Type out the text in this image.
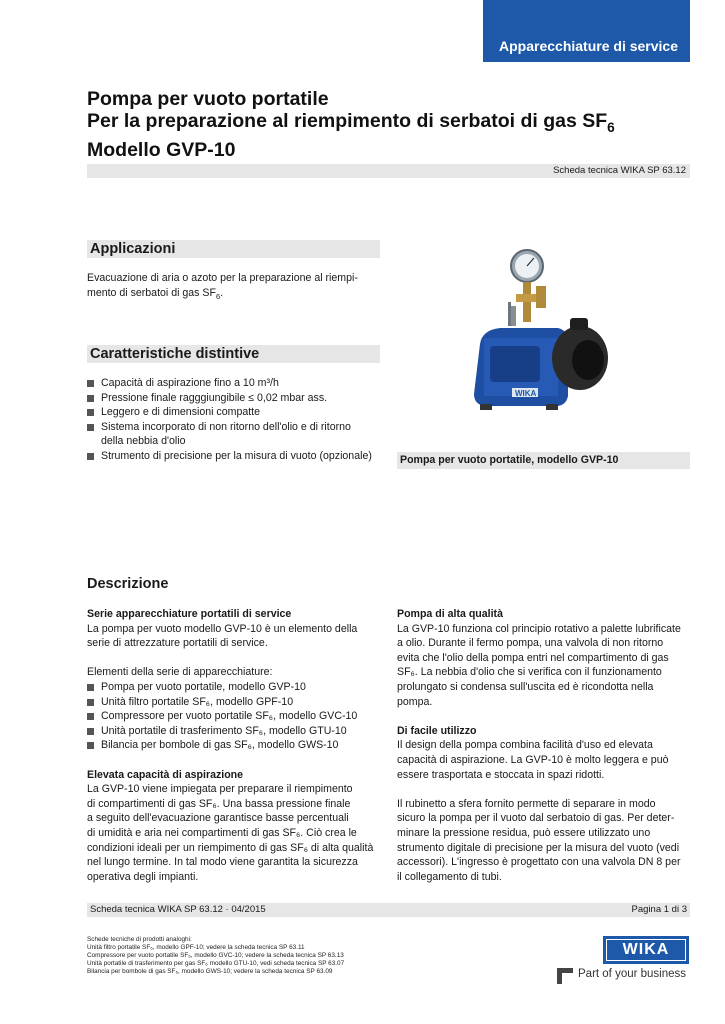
Apparecchiature di service
Pompa per vuoto portatile
Per la preparazione al riempimento di serbatoi di gas $SF_6$
Modello GVP-10
Scheda tecnica WIKA SP 63.12
Applicazioni
Evacuazione di aria o azoto per la preparazione al riempi-
mento di serbatoi di gas $SF_6$.
Caratteristiche distintive
Capacità di aspirazione fino a 10 m³/h
Pressione finale ragggiungibile ≤ 0,02 mbar ass.
Leggero e di dimensioni compatte
Sistema incorporato di non ritorno dell'olio e di ritorno
della nebbia d'olio
Strumento di precisione per la misura di vuoto (opzionale)
WIKA
Pompa per vuoto portatile, modello GVP-10
Descrizione
Serie apparecchiature portatili di service
La pompa per vuoto modello GVP-10 è un elemento della
serie di attrezzature portatili di service.
Elementi della serie di apparecchiature:
Pompa per vuoto portatile, modello GVP-10
Unità filtro portatile SF₆, modello GPF-10
Compressore per vuoto portatile SF₆, modello GVC-10
Unità portatile di trasferimento SF₆, modello GTU-10
Bilancia per bombole di gas SF₆, modello GWS-10
Elevata capacità di aspirazione
La GVP-10 viene impiegata per preparare il riempimento
di compartimenti di gas SF₆. Una bassa pressione finale
a seguito dell'evacuazione garantisce basse percentuali
di umidità e aria nei compartimenti di gas SF₆. Ciò crea le
condizioni ideali per un riempimento di gas SF₆ di alta qualità
nel lungo termine. In tal modo viene garantita la sicurezza
operativa degli impianti.
Pompa di alta qualità
La GVP-10 funziona col principio rotativo a palette lubrificate
a olio. Durante il fermo pompa, una valvola di non ritorno
evita che l'olio della pompa entri nel compartimento di gas
SF₆. La nebbia d'olio che si verifica con il funzionamento
prolungato si condensa sull'uscita ed è ricondotta nella
pompa.
Di facile utilizzo
Il design della pompa combina facilità d'uso ed elevata
capacità di aspirazione. La GVP-10 è molto leggera e può
essere trasportata e stoccata in spazi ridotti.
Il rubinetto a sfera fornito permette di separare in modo
sicuro la pompa per il vuoto dal serbatoio di gas. Per deter-
minare la pressione residua, può essere utilizzato uno
strumento digitale di precisione per la misura del vuoto (vedi
accessori). L'ingresso è progettato con una valvola DN 8 per
il collegamento di tubi.
Scheda tecnica WIKA SP 63.12 · 04/2015	Pagina 1 di 3
Schede tecniche di prodotti analoghi:
Unità filtro portatile SF₆, modello GPF-10; vedere la scheda tecnica SP 63.11
Compressore per vuoto portatile SF₆, modello GVC-10; vedere la scheda tecnica SP 63.13
Unità portatile di trasferimento per gas SF₆ modello GTU-10, vedi scheda tecnica SP 63.07
Bilancia per bombole di gas SF₆, modello GWS-10; vedere la scheda tecnica SP 63.09
WIKA
Part of your business
